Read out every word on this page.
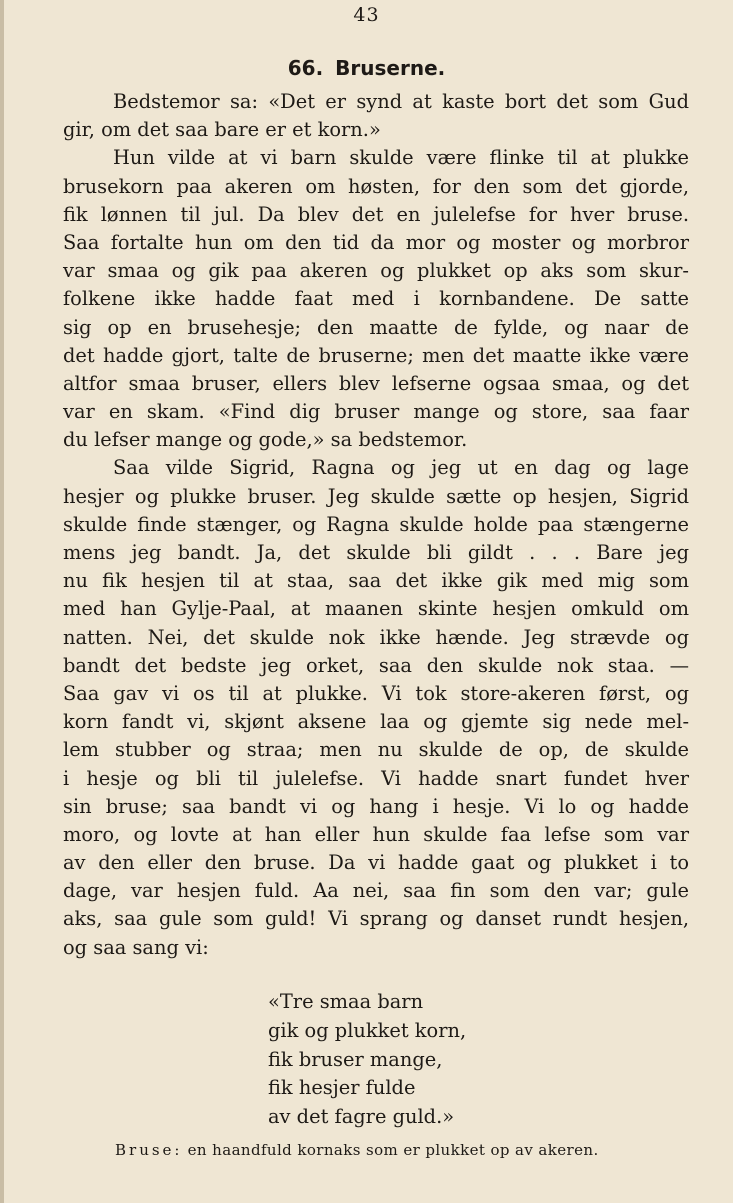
43
66. Bruserne.
Bedstemor sa: «Det er synd at kaste bort det som Gud
gir, om det saa bare er et korn.»
Hun vilde at vi barn skulde være flinke til at plukke
brusekorn paa akeren om høsten, for den som det gjorde,
fik lønnen til jul. Da blev det en julelefse for hver bruse.
Saa fortalte hun om den tid da mor og moster og morbror
var smaa og gik paa akeren og plukket op aks som skur-
folkene ikke hadde faat med i kornbandene. De satte
sig op en brusehesje; den maatte de fylde, og naar de
det hadde gjort, talte de bruserne; men det maatte ikke være
altfor smaa bruser, ellers blev lefserne ogsaa smaa, og det
var en skam. «Find dig bruser mange og store, saa faar
du lefser mange og gode,» sa bedstemor.
Saa vilde Sigrid, Ragna og jeg ut en dag og lage
hesjer og plukke bruser. Jeg skulde sætte op hesjen, Sigrid
skulde finde stænger, og Ragna skulde holde paa stængerne
mens jeg bandt. Ja, det skulde bli gildt . . . Bare jeg
nu fik hesjen til at staa, saa det ikke gik med mig som
med han Gylje-Paal, at maanen skinte hesjen omkuld om
natten. Nei, det skulde nok ikke hænde. Jeg strævde og
bandt det bedste jeg orket, saa den skulde nok staa. —
Saa gav vi os til at plukke. Vi tok store-akeren først, og
korn fandt vi, skjønt aksene laa og gjemte sig nede mel-
lem stubber og straa; men nu skulde de op, de skulde
i hesje og bli til julelefse. Vi hadde snart fundet hver
sin bruse; saa bandt vi og hang i hesje. Vi lo og hadde
moro, og lovte at han eller hun skulde faa lefse som var
av den eller den bruse. Da vi hadde gaat og plukket i to
dage, var hesjen fuld. Aa nei, saa fin som den var; gule
aks, saa gule som guld! Vi sprang og danset rundt hesjen,
og saa sang vi:
«Tre smaa barn
gik og plukket korn,
fik bruser mange,
fik hesjer fulde
av det fagre guld.»
Bruse: en haandfuld kornaks som er plukket op av akeren.
